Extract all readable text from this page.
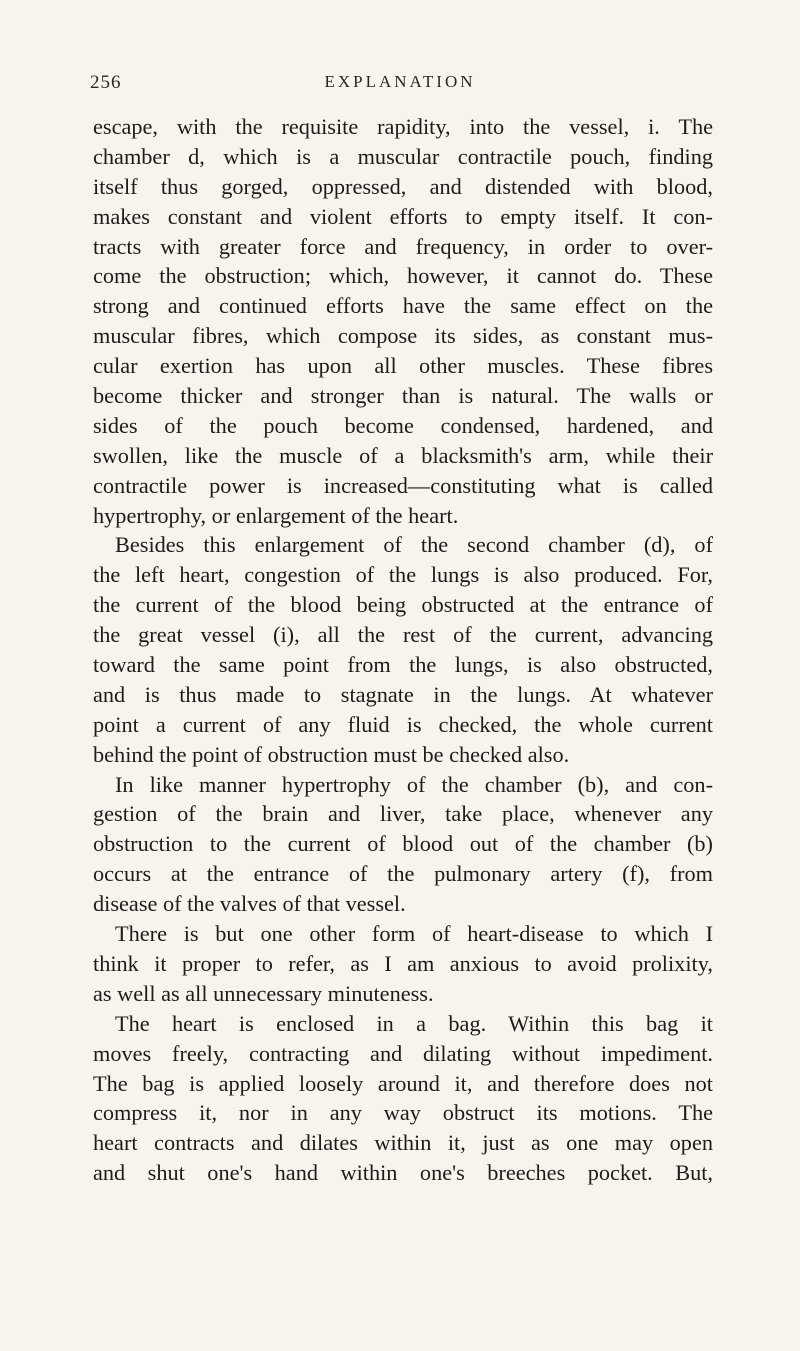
256	EXPLANATION
escape, with the requisite rapidity, into the vessel, i. The
chamber d, which is a muscular contractile pouch, finding
itself thus gorged, oppressed, and distended with blood,
makes constant and violent efforts to empty itself. It con-
tracts with greater force and frequency, in order to over-
come the obstruction; which, however, it cannot do. These
strong and continued efforts have the same effect on the
muscular fibres, which compose its sides, as constant mus-
cular exertion has upon all other muscles. These fibres
become thicker and stronger than is natural. The walls or
sides of the pouch become condensed, hardened, and
swollen, like the muscle of a blacksmith's arm, while their
contractile power is increased—constituting what is called
hypertrophy, or enlargement of the heart.
Besides this enlargement of the second chamber (d), of
the left heart, congestion of the lungs is also produced. For,
the current of the blood being obstructed at the entrance of
the great vessel (i), all the rest of the current, advancing
toward the same point from the lungs, is also obstructed,
and is thus made to stagnate in the lungs. At whatever
point a current of any fluid is checked, the whole current
behind the point of obstruction must be checked also.
In like manner hypertrophy of the chamber (b), and con-
gestion of the brain and liver, take place, whenever any
obstruction to the current of blood out of the chamber (b)
occurs at the entrance of the pulmonary artery (f), from
disease of the valves of that vessel.
There is but one other form of heart-disease to which I
think it proper to refer, as I am anxious to avoid prolixity,
as well as all unnecessary minuteness.
The heart is enclosed in a bag. Within this bag it
moves freely, contracting and dilating without impediment.
The bag is applied loosely around it, and therefore does not
compress it, nor in any way obstruct its motions. The
heart contracts and dilates within it, just as one may open
and shut one's hand within one's breeches pocket. But,
